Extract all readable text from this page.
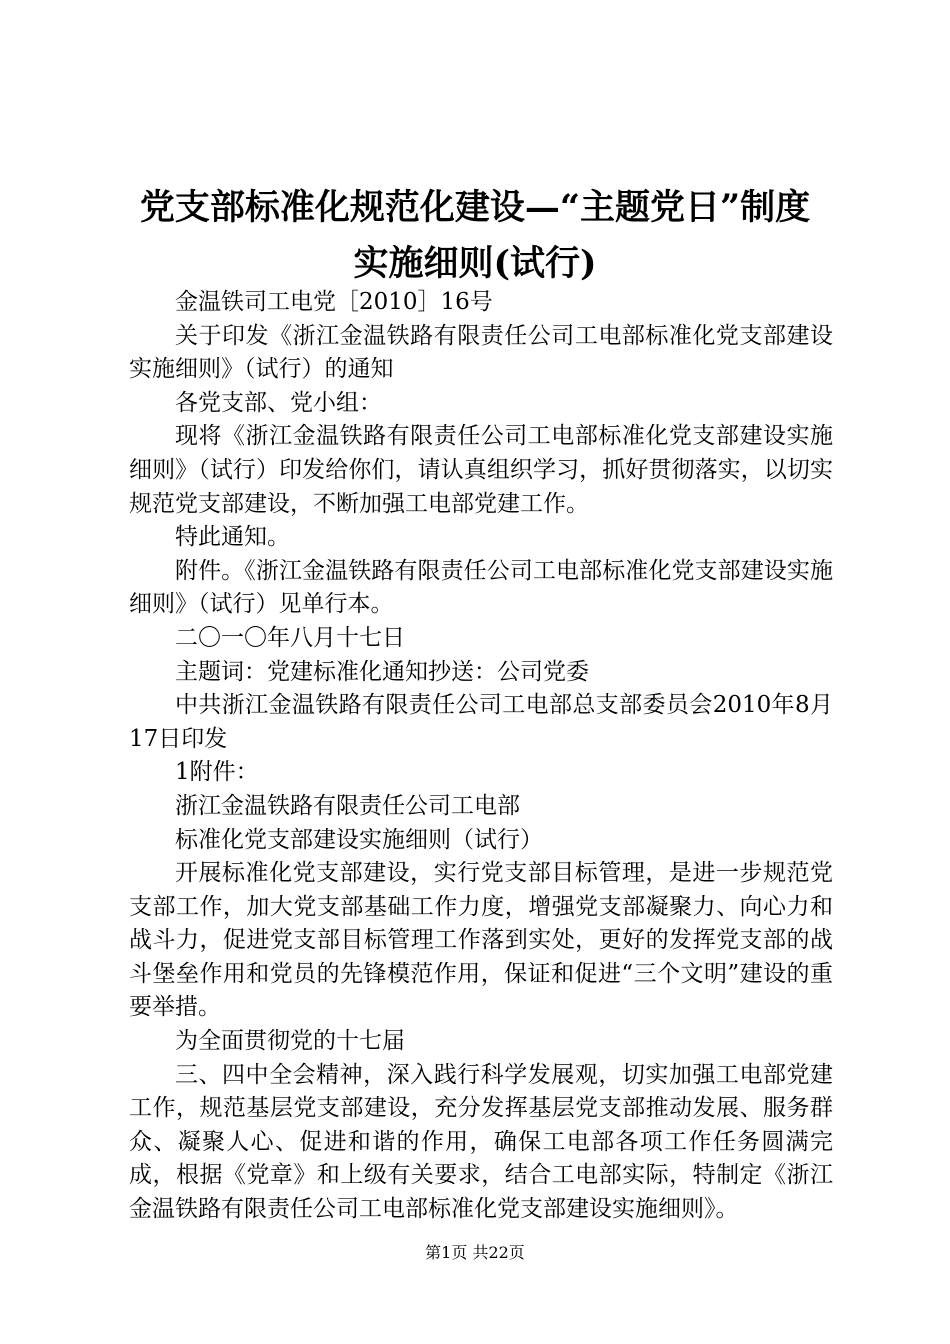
党支部标准化规范化建设—“主题党日”制度
实施细则(试行)

金温铁司工电党［2010］16号

关于印发《浙江金温铁路有限责任公司工电部标准化党支部建设实施细则》（试行）的通知

各党支部、党小组：

现将《浙江金温铁路有限责任公司工电部标准化党支部建设实施细则》（试行）印发给你们，请认真组织学习，抓好贯彻落实，以切实规范党支部建设，不断加强工电部党建工作。

特此通知。

附件。《浙江金温铁路有限责任公司工电部标准化党支部建设实施细则》（试行）见单行本。

二〇一〇年八月十七日

主题词：党建标准化通知抄送：公司党委

中共浙江金温铁路有限责任公司工电部总支部委员会2010年8月17日印发

1附件：

浙江金温铁路有限责任公司工电部

标准化党支部建设实施细则（试行）

开展标准化党支部建设，实行党支部目标管理，是进一步规范党支部工作，加大党支部基础工作力度，增强党支部凝聚力、向心力和战斗力，促进党支部目标管理工作落到实处，更好的发挥党支部的战斗堡垒作用和党员的先锋模范作用，保证和促进“三个文明”建设的重要举措。

为全面贯彻党的十七届

三、四中全会精神，深入践行科学发展观，切实加强工电部党建工作，规范基层党支部建设，充分发挥基层党支部推动发展、服务群众、凝聚人心、促进和谐的作用，确保工电部各项工作任务圆满完成，根据《党章》和上级有关要求，结合工电部实际，特制定《浙江金温铁路有限责任公司工电部标准化党支部建设实施细则》。

第1页 共22页
